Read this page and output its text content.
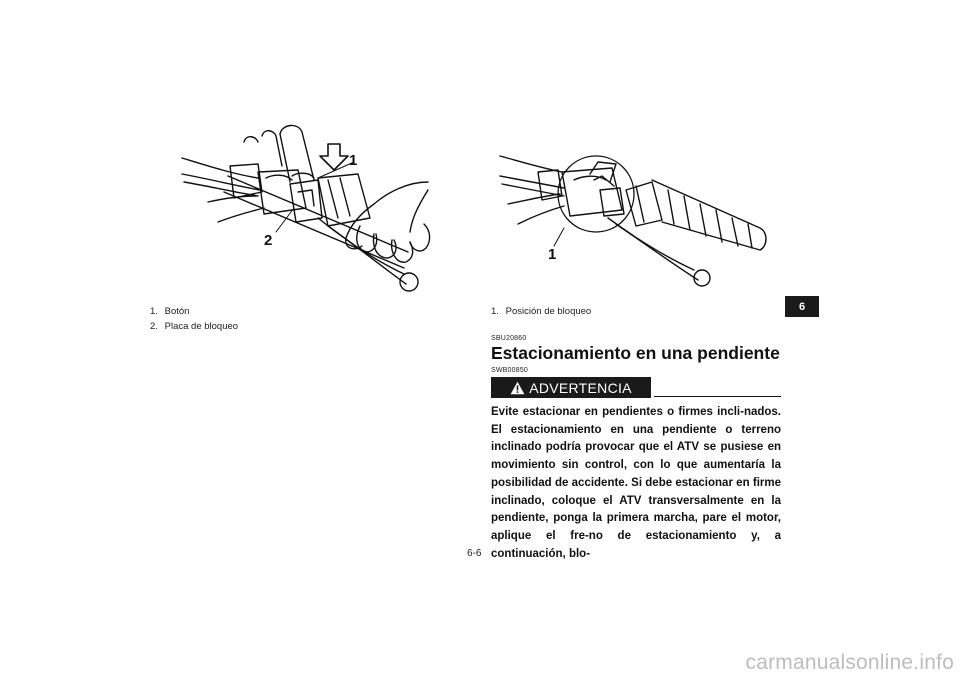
1
2
1. Botón
2. Placa de bloqueo
1
1. Posición de bloqueo
SBU20860
Estacionamiento en una pendiente
SWB00850
ADVERTENCIA
Evite estacionar en pendientes o firmes incli-nados. El estacionamiento en una pendiente o terreno inclinado podría provocar que el ATV se pusiese en movimiento sin control, con lo que aumentaría la posibilidad de accidente. Si debe estacionar en firme inclinado, coloque el ATV transversalmente en la pendiente, ponga la primera marcha, pare el motor, aplique el fre-no de estacionamiento y, a continuación, blo-
6-6
6
carmanualsonline.info
